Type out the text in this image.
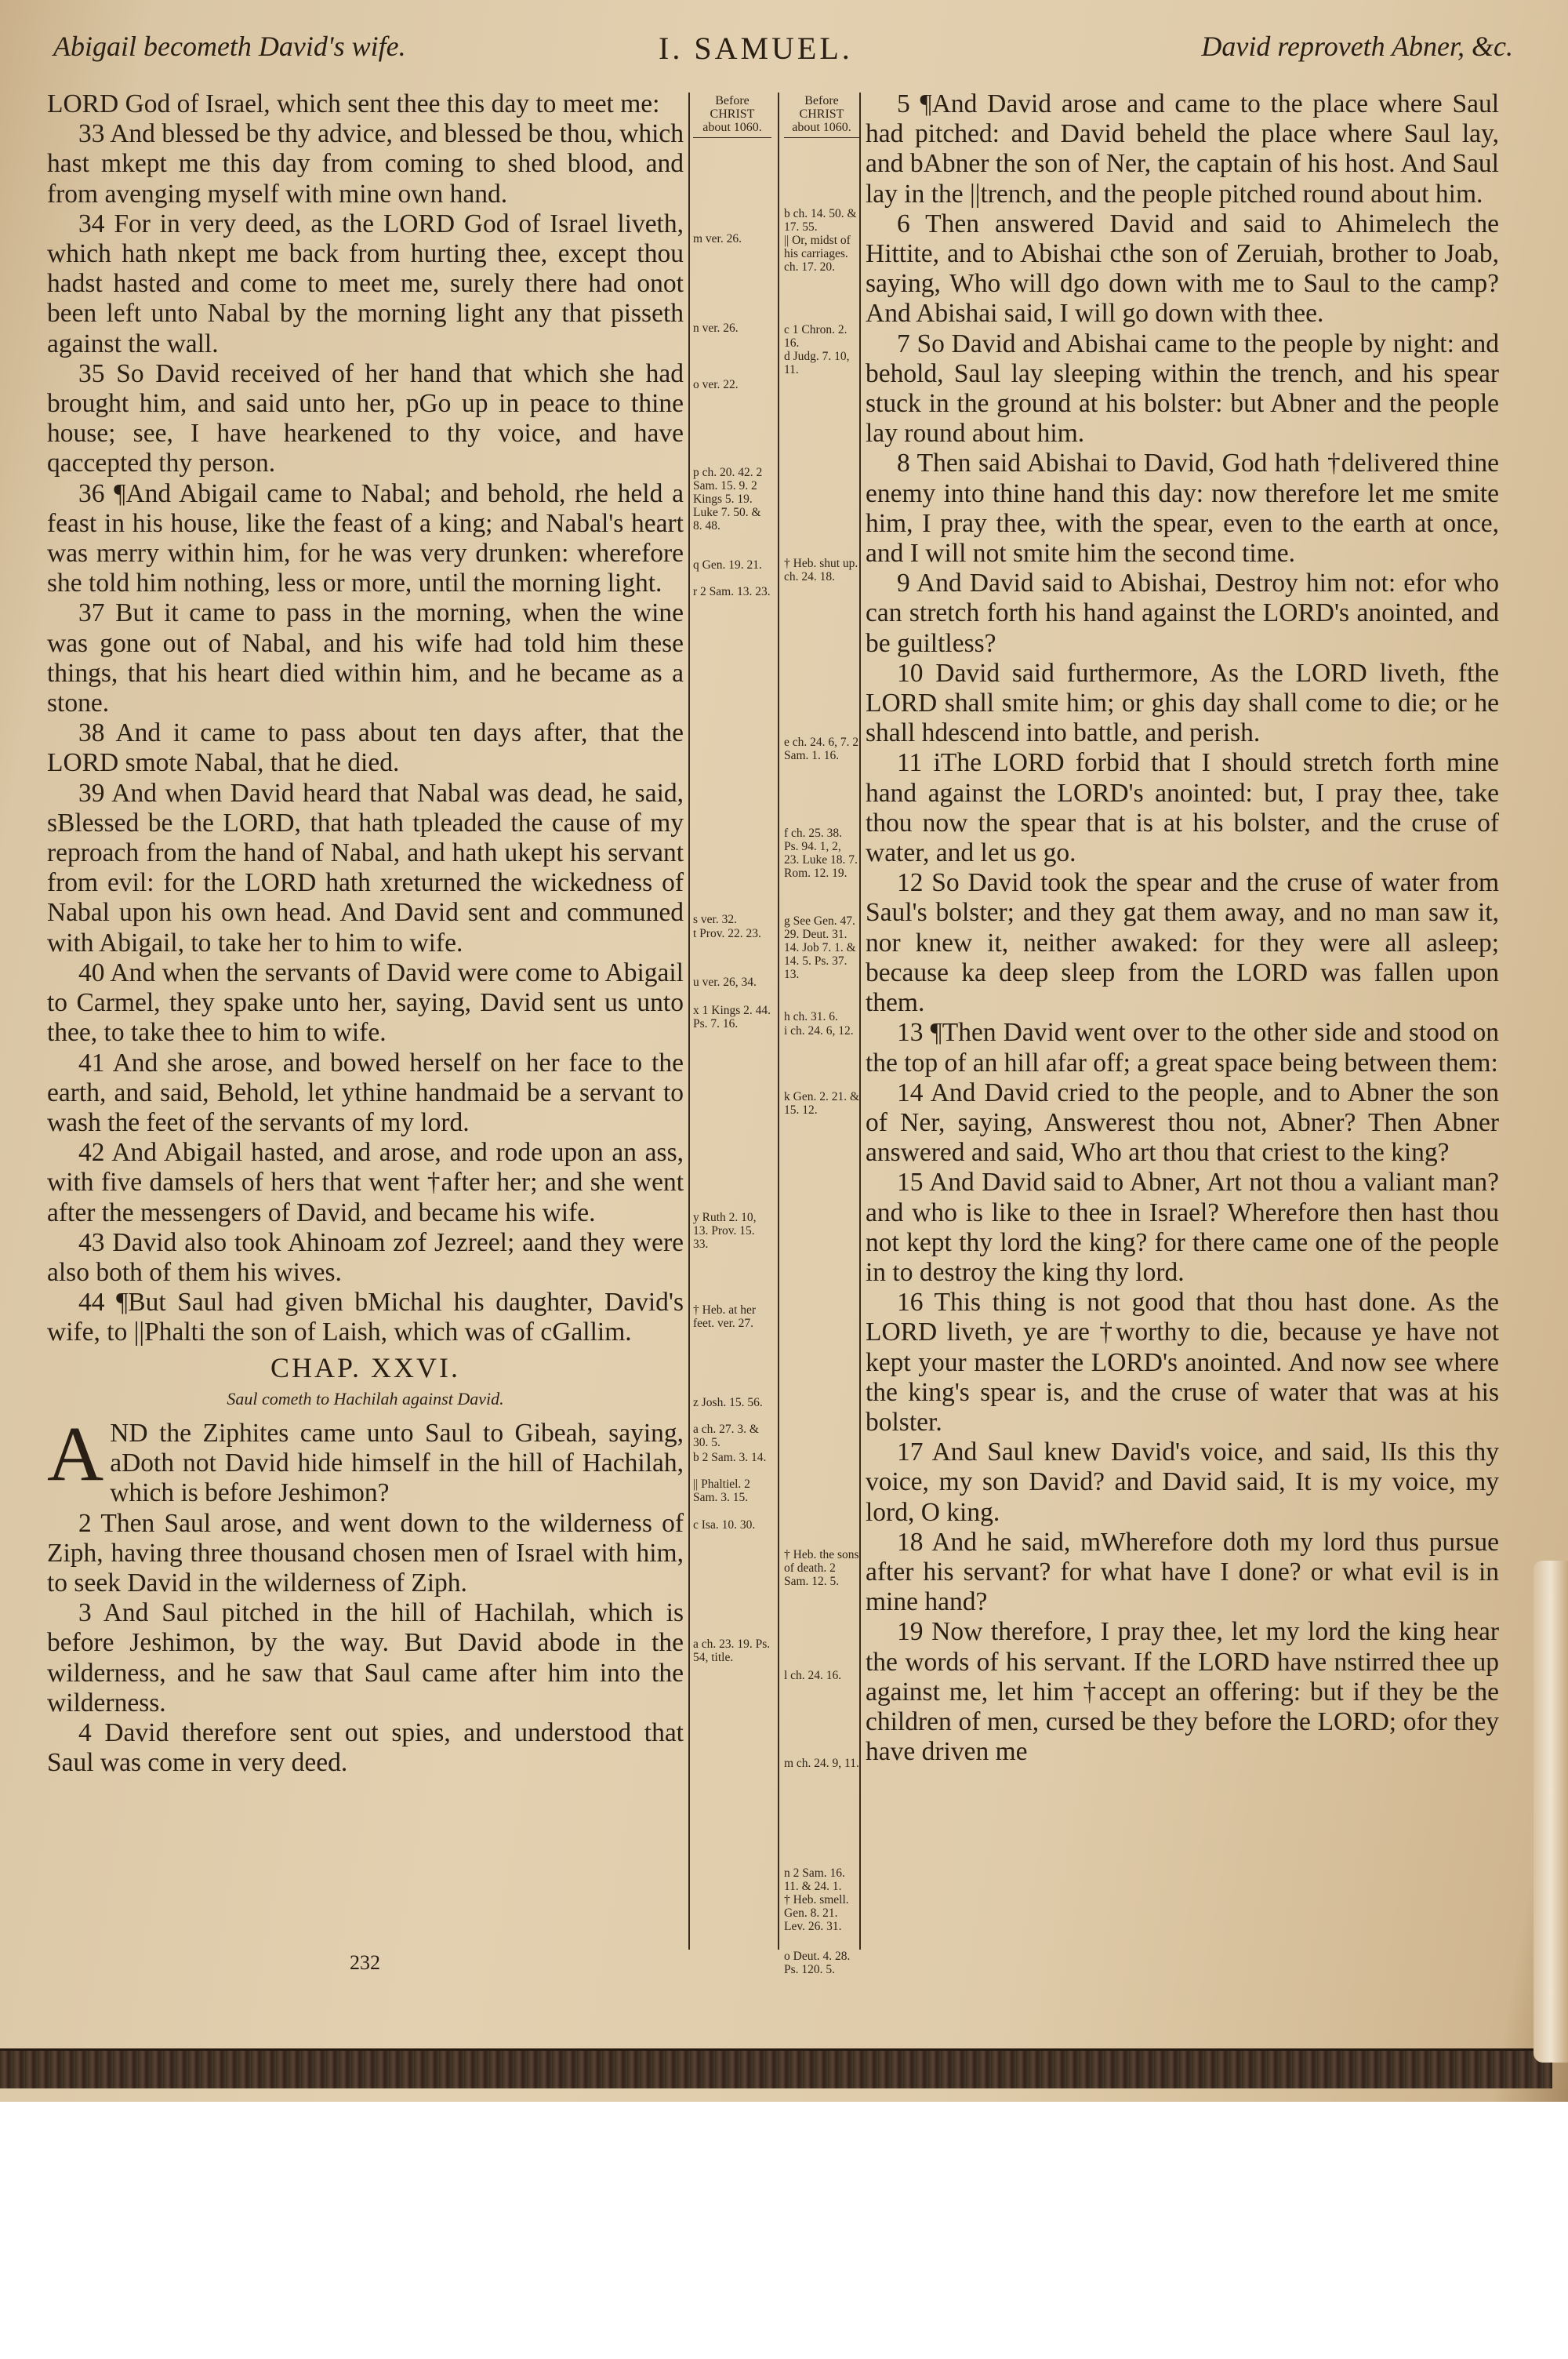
Abigail becometh David's wife.	I. SAMUEL.	David reproveth Abner, &c.

LORD God of Israel, which sent thee this day to meet me:

33 And blessed be thy advice, and blessed be thou, which hast mkept me this day from coming to shed blood, and from avenging myself with mine own hand.

34 For in very deed, as the LORD God of Israel liveth, which hath nkept me back from hurting thee, except thou hadst hasted and come to meet me, surely there had onot been left unto Nabal by the morning light any that pisseth against the wall.

35 So David received of her hand that which she had brought him, and said unto her, pGo up in peace to thine house; see, I have hearkened to thy voice, and have qaccepted thy person.

36 ¶And Abigail came to Nabal; and behold, rhe held a feast in his house, like the feast of a king; and Nabal's heart was merry within him, for he was very drunken: wherefore she told him nothing, less or more, until the morning light.

37 But it came to pass in the morning, when the wine was gone out of Nabal, and his wife had told him these things, that his heart died within him, and he became as a stone.

38 And it came to pass about ten days after, that the LORD smote Nabal, that he died.

39 And when David heard that Nabal was dead, he said, sBlessed be the LORD, that hath tpleaded the cause of my reproach from the hand of Nabal, and hath ukept his servant from evil: for the LORD hath xreturned the wickedness of Nabal upon his own head. And David sent and communed with Abigail, to take her to him to wife.

40 And when the servants of David were come to Abigail to Carmel, they spake unto her, saying, David sent us unto thee, to take thee to him to wife.

41 And she arose, and bowed herself on her face to the earth, and said, Behold, let ythine handmaid be a servant to wash the feet of the servants of my lord.

42 And Abigail hasted, and arose, and rode upon an ass, with five damsels of hers that went †after her; and she went after the messengers of David, and became his wife.

43 David also took Ahinoam zof Jezreel; aand they were also both of them his wives.

44 ¶But Saul had given bMichal his daughter, David's wife, to ||Phalti the son of Laish, which was of cGallim.

CHAP. XXVI.
Saul cometh to Hachilah against David.

A ND the Ziphites came unto Saul to Gibeah, saying, aDoth not David hide himself in the hill of Hachilah, which is before Jeshimon?

2 Then Saul arose, and went down to the wilderness of Ziph, having three thousand chosen men of Israel with him, to seek David in the wilderness of Ziph.

3 And Saul pitched in the hill of Hachilah, which is before Jeshimon, by the way. But David abode in the wilderness, and he saw that Saul came after him into the wilderness.

4 David therefore sent out spies, and understood that Saul was come in very deed.

Before
CHRIST
about 1060.
m ver. 26.
n ver. 26.
o ver. 22.
p ch. 20. 42. 2 Sam. 15. 9. 2 Kings 5. 19. Luke 7. 50. & 8. 48.
q Gen. 19. 21.
r 2 Sam. 13. 23.
s ver. 32.
t Prov. 22. 23.
u ver. 26, 34.
x 1 Kings 2. 44. Ps. 7. 16.
y Ruth 2. 10, 13. Prov. 15. 33.
† Heb. at her feet. ver. 27.
z Josh. 15. 56.
a ch. 27. 3. & 30. 5.
b 2 Sam. 3. 14.
|| Phaltiel. 2 Sam. 3. 15.
c Isa. 10. 30.
a ch. 23. 19. Ps. 54, title.
Before
CHRIST
about 1060.
b ch. 14. 50. & 17. 55.
|| Or, midst of his carriages. ch. 17. 20.
c 1 Chron. 2. 16.
d Judg. 7. 10, 11.
† Heb. shut up. ch. 24. 18.
e ch. 24. 6, 7. 2 Sam. 1. 16.
f ch. 25. 38. Ps. 94. 1, 2, 23. Luke 18. 7. Rom. 12. 19.
g See Gen. 47. 29. Deut. 31. 14. Job 7. 1. & 14. 5. Ps. 37. 13.
h ch. 31. 6.
i ch. 24. 6, 12.
k Gen. 2. 21. & 15. 12.
† Heb. the sons of death. 2 Sam. 12. 5.
l ch. 24. 16.
m ch. 24. 9, 11.
n 2 Sam. 16. 11. & 24. 1.
† Heb. smell. Gen. 8. 21. Lev. 26. 31.
o Deut. 4. 28. Ps. 120. 5.

5 ¶And David arose and came to the place where Saul had pitched: and David beheld the place where Saul lay, and bAbner the son of Ner, the captain of his host. And Saul lay in the ||trench, and the people pitched round about him.

6 Then answered David and said to Ahimelech the Hittite, and to Abishai cthe son of Zeruiah, brother to Joab, saying, Who will dgo down with me to Saul to the camp? And Abishai said, I will go down with thee.

7 So David and Abishai came to the people by night: and behold, Saul lay sleeping within the trench, and his spear stuck in the ground at his bolster: but Abner and the people lay round about him.

8 Then said Abishai to David, God hath †delivered thine enemy into thine hand this day: now therefore let me smite him, I pray thee, with the spear, even to the earth at once, and I will not smite him the second time.

9 And David said to Abishai, Destroy him not: efor who can stretch forth his hand against the LORD's anointed, and be guiltless?

10 David said furthermore, As the LORD liveth, fthe LORD shall smite him; or ghis day shall come to die; or he shall hdescend into battle, and perish.

11 iThe LORD forbid that I should stretch forth mine hand against the LORD's anointed: but, I pray thee, take thou now the spear that is at his bolster, and the cruse of water, and let us go.

12 So David took the spear and the cruse of water from Saul's bolster; and they gat them away, and no man saw it, nor knew it, neither awaked: for they were all asleep; because ka deep sleep from the LORD was fallen upon them.

13 ¶Then David went over to the other side and stood on the top of an hill afar off; a great space being between them:

14 And David cried to the people, and to Abner the son of Ner, saying, Answerest thou not, Abner? Then Abner answered and said, Who art thou that criest to the king?

15 And David said to Abner, Art not thou a valiant man? and who is like to thee in Israel? Wherefore then hast thou not kept thy lord the king? for there came one of the people in to destroy the king thy lord.

16 This thing is not good that thou hast done. As the LORD liveth, ye are †worthy to die, because ye have not kept your master the LORD's anointed. And now see where the king's spear is, and the cruse of water that was at his bolster.

17 And Saul knew David's voice, and said, lIs this thy voice, my son David? and David said, It is my voice, my lord, O king.

18 And he said, mWherefore doth my lord thus pursue after his servant? for what have I done? or what evil is in mine hand?

19 Now therefore, I pray thee, let my lord the king hear the words of his servant. If the LORD have nstirred thee up against me, let him †accept an offering: but if they be the children of men, cursed be they before the LORD; ofor they have driven me

232
